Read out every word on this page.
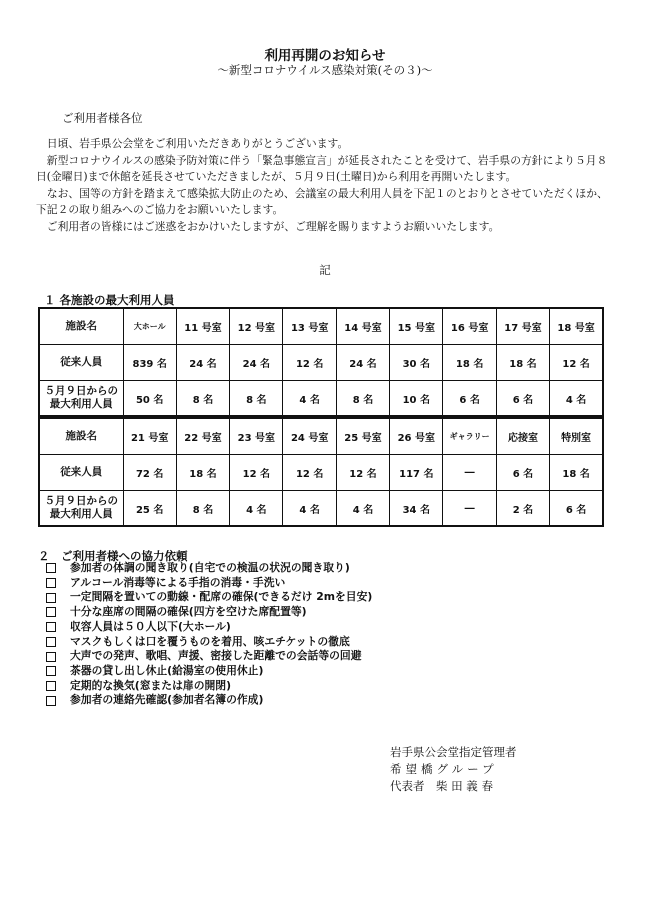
利用再開のお知らせ
〜新型コロナウイルス感染対策(その３)〜
ご利用者様各位

日頃、岩手県公会堂をご利用いただきありがとうございます。

新型コロナウイルスの感染予防対策に伴う「緊急事態宣言」が延長されたことを受けて、岩手県の方針により５月８日(金曜日)まで休館を延長させていただきましたが、５月９日(土曜日)から利用を再開いたします。

なお、国等の方針を踏まえて感染拡大防止のため、会議室の最大利用人員を下記１のとおりとさせていただくほか、下記２の取り組みへのご協力をお願いいたします。

ご利用者の皆様にはご迷惑をおかけいたしますが、ご理解を賜りますようお願いいたします。

記
１ 各施設の最大利用人員
施設名	大ホール	11 号室	12 号室	13 号室	14 号室	15 号室	16 号室	17 号室	18 号室
従来人員	839 名	24 名	24 名	12 名	24 名	30 名	18 名	18 名	12 名

５月９日からの
最大利用人員	50 名	8 名	8 名	4 名	8 名	10 名	6 名	6 名	4 名
施設名	21 号室	22 号室	23 号室	24 号室	25 号室	26 号室	ギャラリー	応接室	特別室
従来人員	72 名	18 名	12 名	12 名	12 名	117 名	―	6 名	18 名

５月９日からの
最大利用人員	25 名	8 名	4 名	4 名	4 名	34 名	―	2 名	6 名
２　ご利用者様への協力依頼
参加者の体調の聞き取り(自宅での検温の状況の聞き取り)
アルコール消毒等による手指の消毒・手洗い
一定間隔を置いての動線・配席の確保(できるだけ 2mを目安)
十分な座席の間隔の確保(四方を空けた席配置等)
収容人員は５０人以下(大ホール)
マスクもしくは口を覆うものを着用、咳エチケットの徹底
大声での発声、歌唱、声援、密接した距離での会話等の回避
茶器の貸し出し休止(給湯室の使用休止)
定期的な換気(窓または扉の開閉)
参加者の連絡先確認(参加者名簿の作成)
岩手県公会堂指定管理者
希望橋グループ
代表者　柴 田 義 春
